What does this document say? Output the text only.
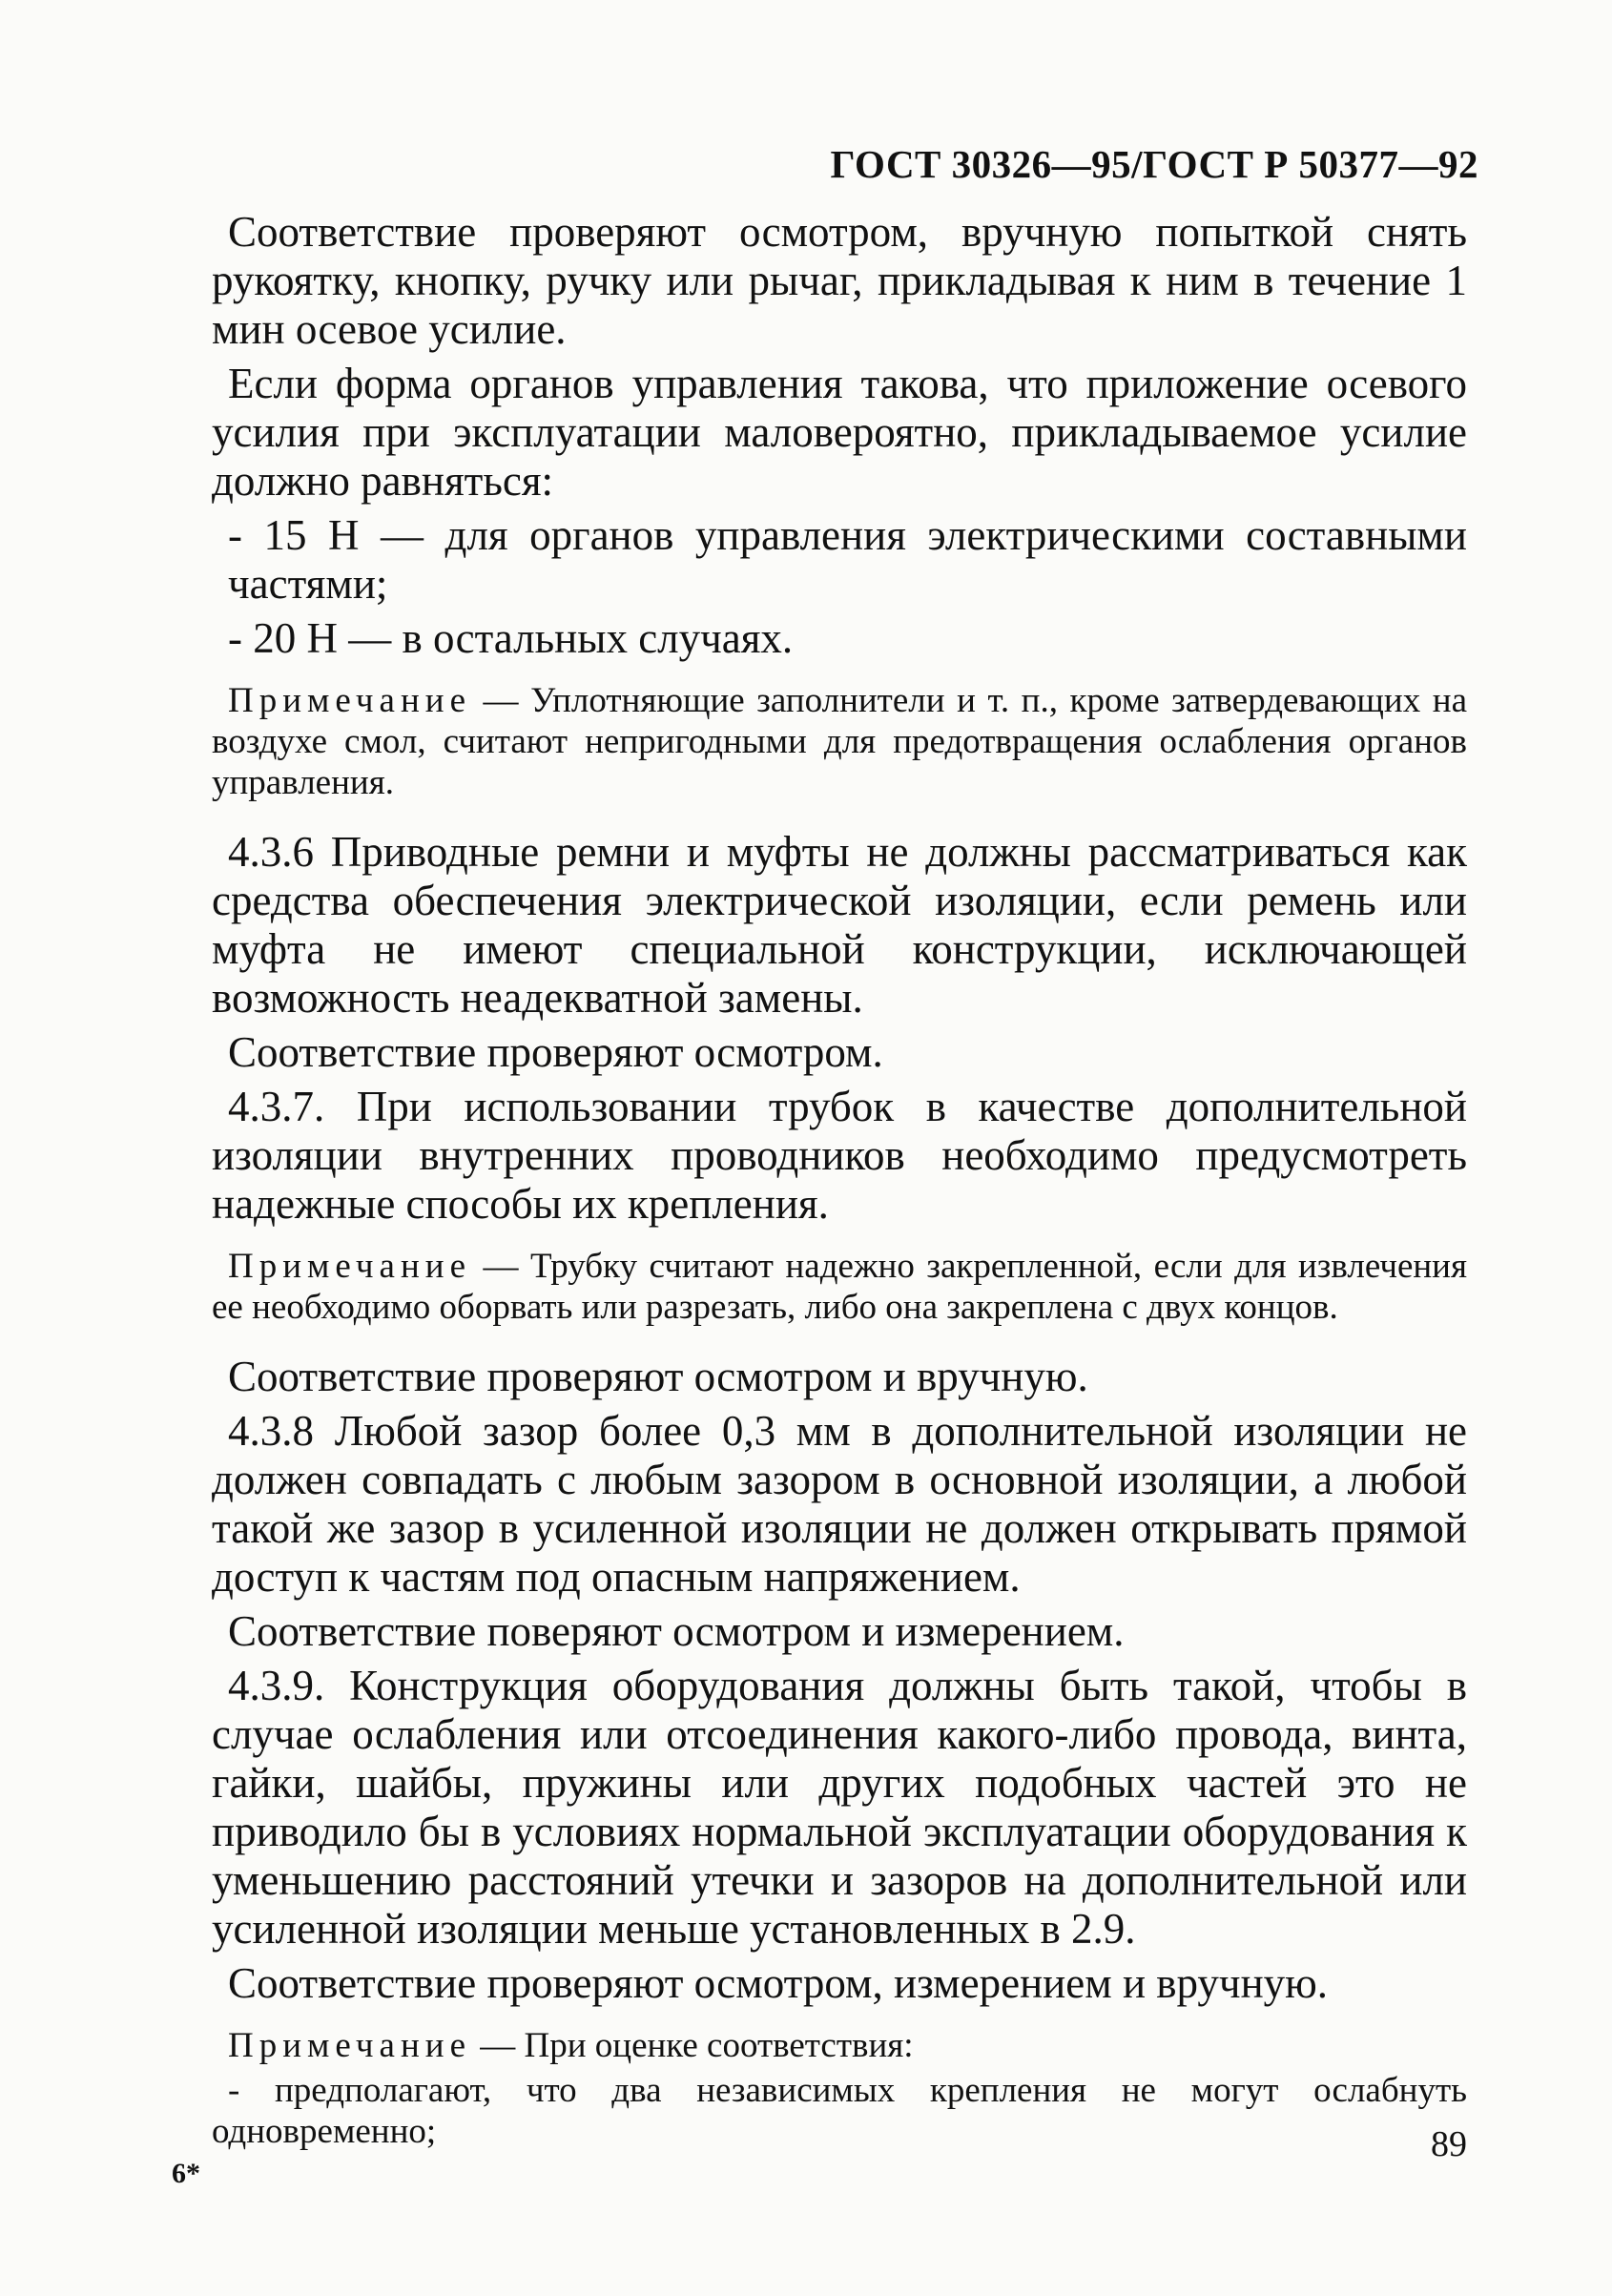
ГОСТ 30326—95/ГОСТ Р 50377—92

Соответствие проверяют осмотром, вручную попыткой снять рукоятку, кнопку, ручку или рычаг, прикладывая к ним в течение 1 мин осевое усилие.

Если форма органов управления такова, что приложение осевого усилия при эксплуатации маловероятно, прикладываемое усилие должно равняться:

- 15 Н — для органов управления электрическими составными частями;

- 20 Н — в остальных случаях.

Примечание — Уплотняющие заполнители и т. п., кроме затвердевающих на воздухе смол, считают непригодными для предотвращения ослабления органов управления.

4.3.6 Приводные ремни и муфты не должны рассматриваться как средства обеспечения электрической изоляции, если ремень или муфта не имеют специальной конструкции, исключающей возможность неадекватной замены.

Соответствие проверяют осмотром.

4.3.7. При использовании трубок в качестве дополнительной изоляции внутренних проводников необходимо предусмотреть надежные способы их крепления.

Примечание — Трубку считают надежно закрепленной, если для извлечения ее необходимо оборвать или разрезать, либо она закреплена с двух концов.

Соответствие проверяют осмотром и вручную.

4.3.8 Любой зазор более 0,3 мм в дополнительной изоляции не должен совпадать с любым зазором в основной изоляции, а любой такой же зазор в усиленной изоляции не должен открывать прямой доступ к частям под опасным напряжением.

Соответствие поверяют осмотром и измерением.

4.3.9. Конструкция оборудования должны быть такой, чтобы в случае ослабления или отсоединения какого-либо провода, винта, гайки, шайбы, пружины или других подобных частей это не приводило бы в условиях нормальной эксплуатации оборудования к уменьшению расстояний утечки и зазоров на дополнительной или усиленной изоляции меньше установленных в 2.9.

Соответствие проверяют осмотром, измерением и вручную.

Примечание — При оценке соответствия:

- предполагают, что два независимых крепления не могут ослабнуть одновременно;	89
6*
